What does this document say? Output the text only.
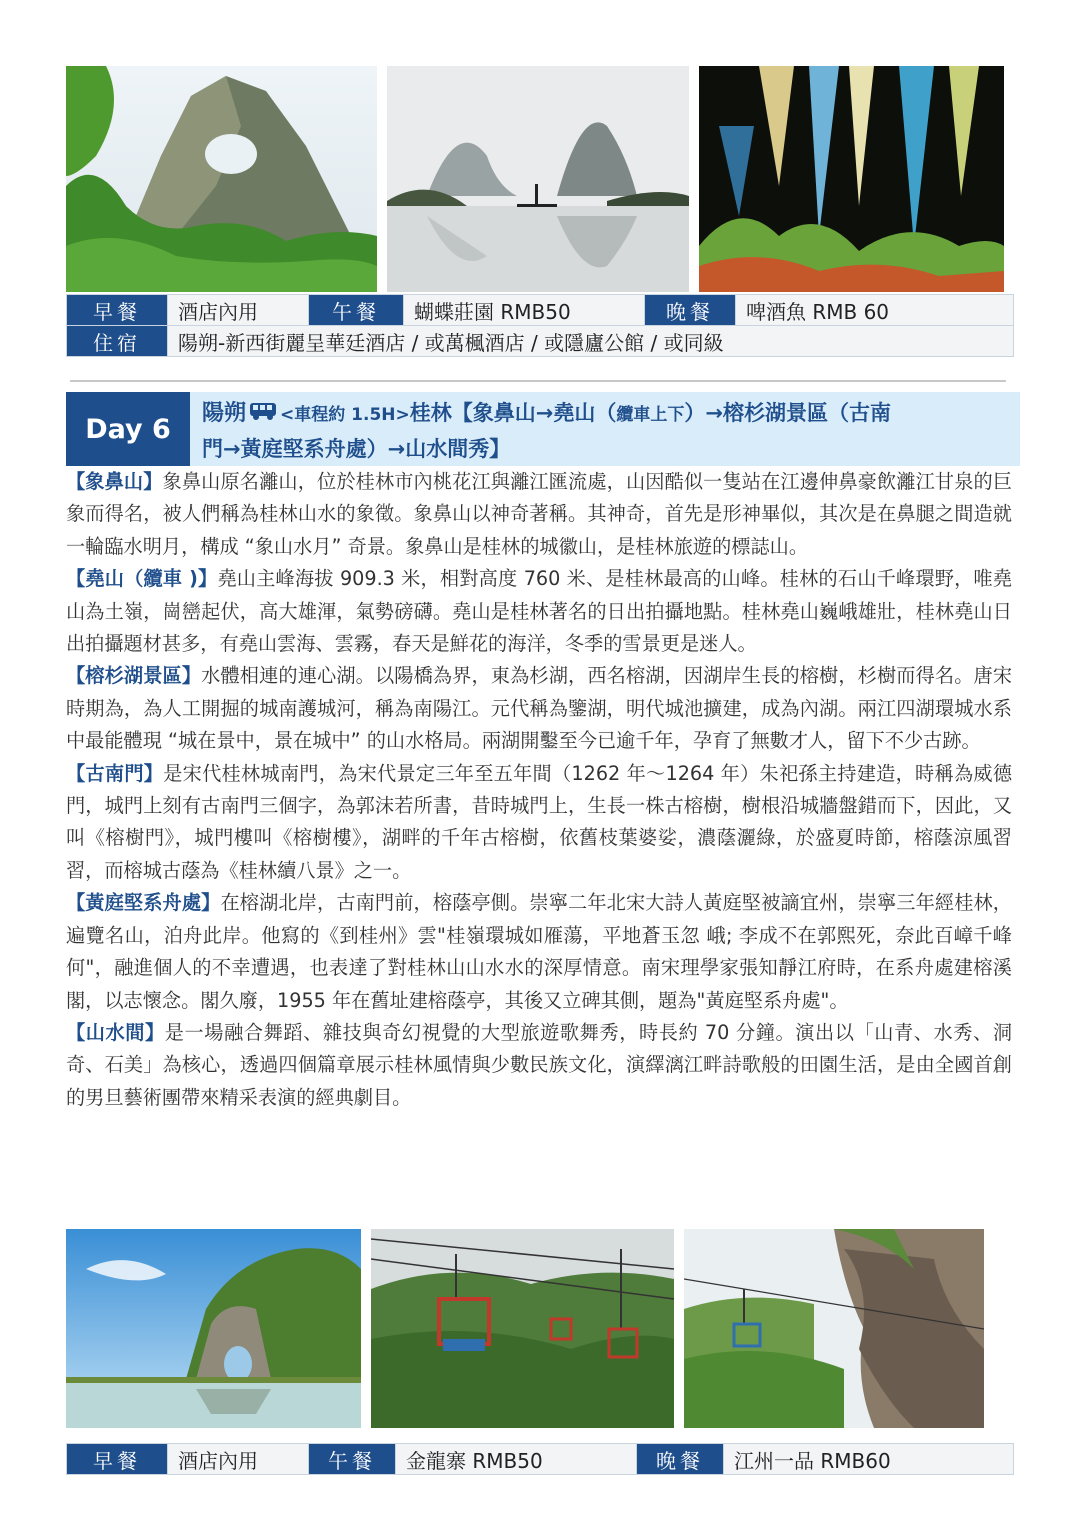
早餐	酒店內用	午餐	蝴蝶莊園 RMB50	晚餐	啤酒魚 RMB 60
住宿	陽朔-新西街麗呈華廷酒店 / 或萬楓酒店 / 或隱廬公館 / 或同級				
Day 6	陽朔 <車程約 1.5H>桂林【象鼻山→堯山（纜車上下）→榕杉湖景區（古南
門→黃庭堅系舟處）→山水間秀】

【象鼻山】象鼻山原名灕山，位於桂林市內桃花江與灕江匯流處，山因酷似一隻站在江邊伸鼻豪飲灕江甘泉的巨象而得名，被人們稱為桂林山水的象徵。象鼻山以神奇著稱。其神奇，首先是形神畢似，其次是在鼻腿之間造就一輪臨水明月，構成 “象山水月” 奇景。象鼻山是桂林的城徽山，是桂林旅遊的標誌山。

【堯山（纜車 )】堯山主峰海拔 909.3 米，相對高度 760 米、是桂林最高的山峰。桂林的石山千峰環野，唯堯山為土嶺，崗巒起伏，高大雄渾，氣勢磅礴。堯山是桂林著名的日出拍攝地點。桂林堯山巍峨雄壯，桂林堯山日出拍攝題材甚多，有堯山雲海、雲霧，春天是鮮花的海洋，冬季的雪景更是迷人。

【榕杉湖景區】水體相連的連心湖。以陽橋為界，東為杉湖，西名榕湖，因湖岸生長的榕樹，杉樹而得名。唐宋時期為，為人工開掘的城南護城河，稱為南陽江。元代稱為鑒湖，明代城池擴建，成為內湖。兩江四湖環城水系中最能體現 “城在景中，景在城中” 的山水格局。兩湖開鑿至今已逾千年，孕育了無數才人，留下不少古跡。

【古南門】是宋代桂林城南門，為宋代景定三年至五年間（1262 年～1264 年）朱祀孫主持建造，時稱為威德門，城門上刻有古南門三個字，為郭沫若所書，昔時城門上，生長一株古榕樹，樹根沿城牆盤錯而下，因此，又叫《榕樹門》，城門樓叫《榕樹樓》，湖畔的千年古榕樹，依舊枝葉婆娑，濃蔭灑綠，於盛夏時節，榕蔭涼風習習，而榕城古蔭為《桂林續八景》之一。

【黃庭堅系舟處】在榕湖北岸，古南門前，榕蔭亭側。崇寧二年北宋大詩人黃庭堅被謫宜州，崇寧三年經桂林，遍覽名山，泊舟此岸。他寫的《到桂州》雲"桂嶺環城如雁蕩，平地蒼玉忽 峨; 李成不在郭熙死，奈此百嶂千峰何"，融進個人的不幸遭遇，也表達了對桂林山山水水的深厚情意。南宋理學家張知靜江府時，在系舟處建榕溪閣，以志懷念。閣久廢，1955 年在舊址建榕蔭亭，其後又立碑其側，題為"黃庭堅系舟處"。

【山水間】是一場融合舞蹈、雜技與奇幻視覺的大型旅遊歌舞秀，時長約 70 分鐘。演出以「山青、水秀、洞奇、石美」為核心，透過四個篇章展示桂林風情與少數民族文化，演繹漓江畔詩歌般的田園生活，是由全國首創的男旦藝術團帶來精采表演的經典劇目。

早餐	酒店內用	午餐	金龍寨 RMB50	晚餐	江州一品 RMB60
